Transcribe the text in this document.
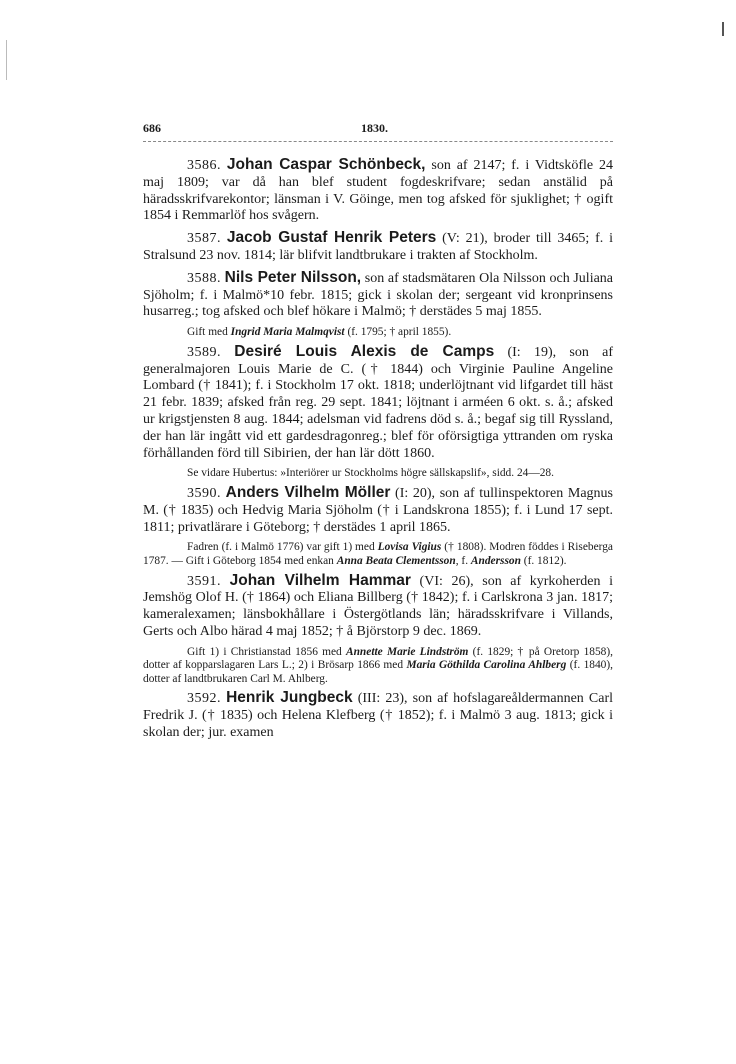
686	1830.

3586. Johan Caspar Schönbeck, son af 2147; f. i Vidtsköfle 24 maj 1809; var då han blef student fogdeskrifvare; sedan anstälid på häradsskrifvarekontor; länsman i V. Göinge, men tog afsked för sjuklighet; † ogift 1854 i Remmarlöf hos svågern.

3587. Jacob Gustaf Henrik Peters (V: 21), broder till 3465; f. i Stralsund 23 nov. 1814; lär blifvit landtbrukare i trakten af Stockholm.

3588. Nils Peter Nilsson, son af stadsmätaren Ola Nilsson och Juliana Sjöholm; f. i Malmö*10 febr. 1815; gick i skolan der; sergeant vid kronprinsens husarreg.; tog afsked och blef hökare i Malmö; † derstädes 5 maj 1855.

Gift med Ingrid Maria Malmqvist (f. 1795; † april 1855).

3589. Desiré Louis Alexis de Camps (I: 19), son af generalmajoren Louis Marie de C. († 1844) och Virginie Pauline Angeline Lombard († 1841); f. i Stockholm 17 okt. 1818; underlöjtnant vid lifgardet till häst 21 febr. 1839; afsked från reg. 29 sept. 1841; löjtnant i arméen 6 okt. s. å.; afsked ur krigstjensten 8 aug. 1844; adelsman vid fadrens död s. å.; begaf sig till Ryssland, der han lär ingått vid ett gardesdragonreg.; blef för oförsigtiga yttranden om ryska förhållanden förd till Sibirien, der han lär dött 1860.

Se vidare Hubertus: »Interiörer ur Stockholms högre sällskapslif», sidd. 24—28.

3590. Anders Vilhelm Möller (I: 20), son af tullinspektoren Magnus M. († 1835) och Hedvig Maria Sjöholm († i Landskrona 1855); f. i Lund 17 sept. 1811; privatlärare i Göteborg; † derstädes 1 april 1865.

Fadren (f. i Malmö 1776) var gift 1) med Lovisa Vigius († 1808). Modren föddes i Riseberga 1787. — Gift i Göteborg 1854 med enkan Anna Beata Clementsson, f. Andersson (f. 1812).

3591. Johan Vilhelm Hammar (VI: 26), son af kyrkoherden i Jemshög Olof H. († 1864) och Eliana Billberg († 1842); f. i Carlskrona 3 jan. 1817; kameralexamen; länsbokhållare i Östergötlands län; häradsskrifvare i Villands, Gerts och Albo härad 4 maj 1852; † å Björstorp 9 dec. 1869.

Gift 1) i Christianstad 1856 med Annette Marie Lindström (f. 1829; † på Oretorp 1858), dotter af kopparslagaren Lars L.; 2) i Brösarp 1866 med Maria Göthilda Carolina Ahlberg (f. 1840), dotter af landtbrukaren Carl M. Ahlberg.

3592. Henrik Jungbeck (III: 23), son af hofslagareåldermannen Carl Fredrik J. († 1835) och Helena Klefberg († 1852); f. i Malmö 3 aug. 1813; gick i skolan der; jur. examen
